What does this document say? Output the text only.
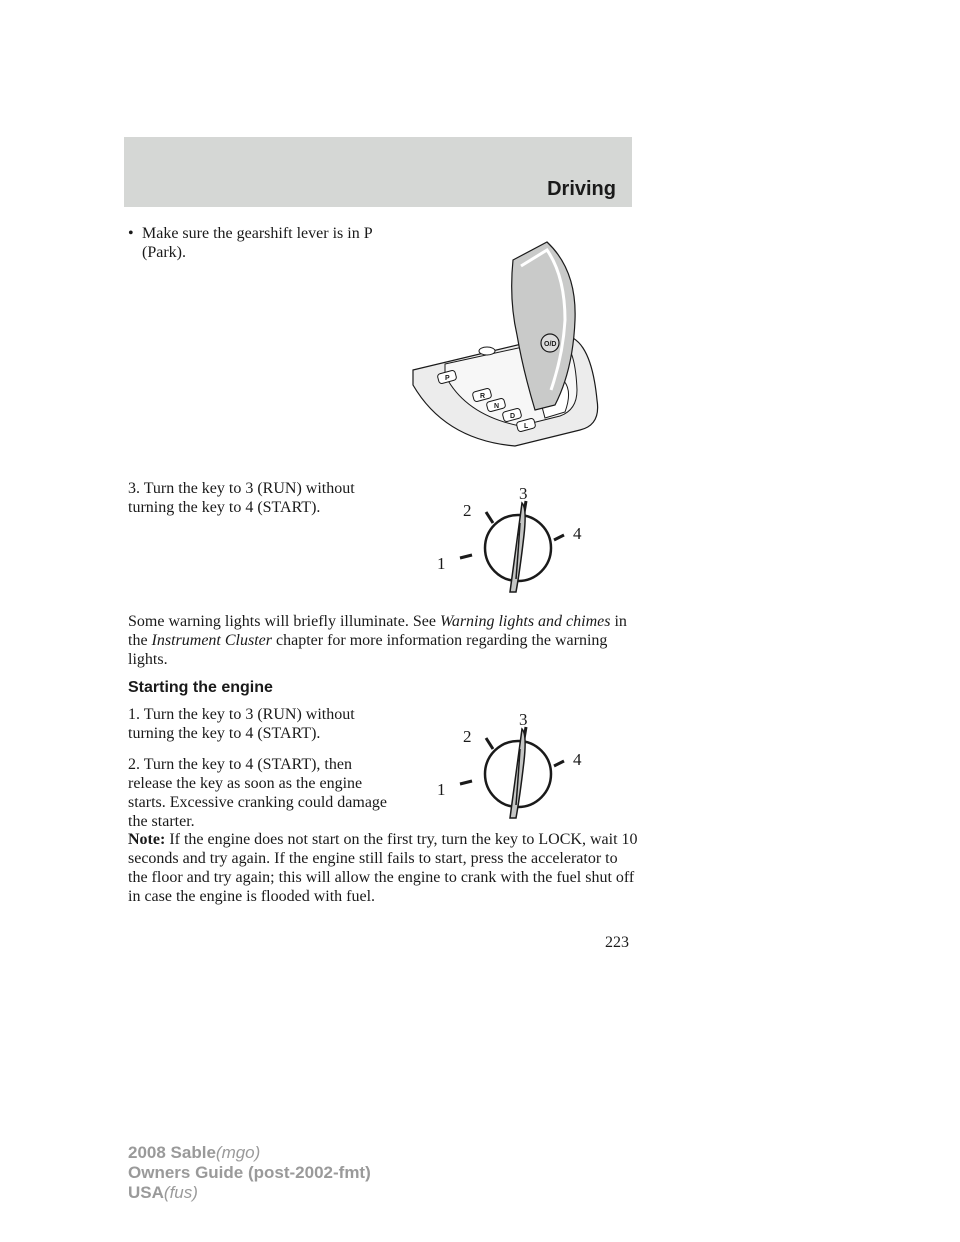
Driving
• Make sure the gearshift lever is in P (Park).
P
R
N
D
L
O/D
3. Turn the key to 3 (RUN) without turning the key to 4 (START).
1
2
3
4
Some warning lights will briefly illuminate. See Warning lights and chimes in the Instrument Cluster chapter for more information regarding the warning lights.
Starting the engine
1. Turn the key to 3 (RUN) without turning the key to 4 (START).
2. Turn the key to 4 (START), then release the key as soon as the engine starts. Excessive cranking could damage the starter.
1
2
3
4
Note: If the engine does not start on the first try, turn the key to LOCK, wait 10 seconds and try again. If the engine still fails to start, press the accelerator to the floor and try again; this will allow the engine to crank with the fuel shut off in case the engine is flooded with fuel.
223
2008 Sable(mgo)
Owners Guide (post-2002-fmt)
USA(fus)
